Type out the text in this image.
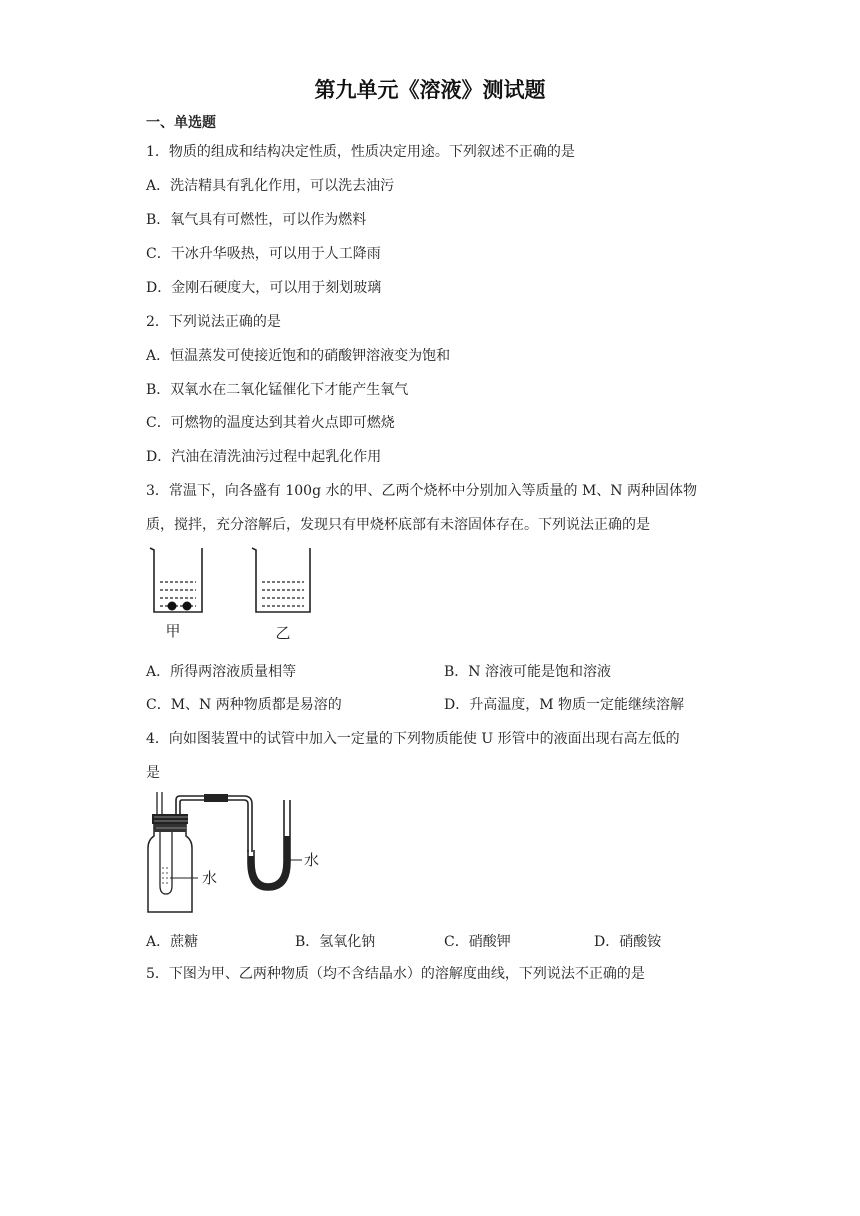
第九单元《溶液》测试题
一、单选题
1．物质的组成和结构决定性质，性质决定用途。下列叙述不正确的是
A．洗洁精具有乳化作用，可以洗去油污
B．氧气具有可燃性，可以作为燃料
C．干冰升华吸热，可以用于人工降雨
D．金刚石硬度大，可以用于刻划玻璃
2．下列说法正确的是
A．恒温蒸发可使接近饱和的硝酸钾溶液变为饱和
B．双氧水在二氧化锰催化下才能产生氧气
C．可燃物的温度达到其着火点即可燃烧
D．汽油在清洗油污过程中起乳化作用
3．常温下，向各盛有 100g 水的甲、乙两个烧杯中分别加入等质量的 M、N 两种固体物
质，搅拌，充分溶解后，发现只有甲烧杯底部有未溶固体存在。下列说法正确的是
甲	乙
A．所得两溶液质量相等	B．N 溶液可能是饱和溶液
C．M、N 两种物质都是易溶的	D．升高温度，M 物质一定能继续溶解
4．向如图装置中的试管中加入一定量的下列物质能使 U 形管中的液面出现右高左低的
是
水
水
A．蔗糖	B．氢氧化钠	C．硝酸钾	D．硝酸铵
5．下图为甲、乙两种物质（均不含结晶水）的溶解度曲线，下列说法不正确的是
